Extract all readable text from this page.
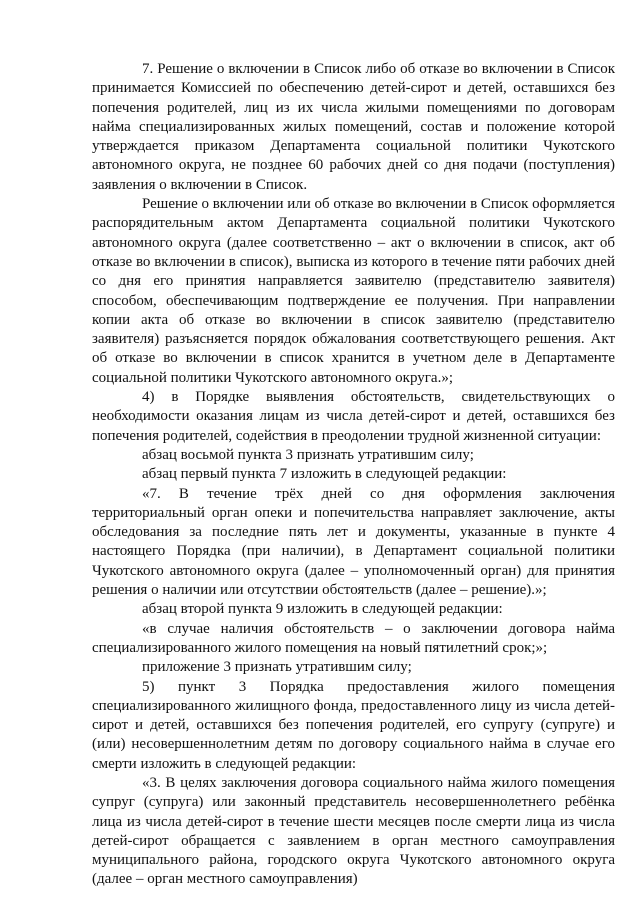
7. Решение о включении в Список либо об отказе во включении в Список принимается Комиссией по обеспечению детей-сирот и детей, оставшихся без попечения родителей, лиц из их числа жилыми помещениями по договорам найма специализированных жилых помещений, состав и положение которой утверждается приказом Департамента социальной политики Чукотского автономного округа, не позднее 60 рабочих дней со дня подачи (поступления) заявления о включении в Список.

Решение о включении или об отказе во включении в Список оформляется распорядительным актом Департамента социальной политики Чукотского автономного округа (далее соответственно – акт о включении в список, акт об отказе во включении в список), выписка из которого в течение пяти рабочих дней со дня его принятия направляется заявителю (представителю заявителя) способом, обеспечивающим подтверждение ее получения. При направлении копии акта об отказе во включении в список заявителю (представителю заявителя) разъясняется порядок обжалования соответствующего решения. Акт об отказе во включении в список хранится в учетном деле в Департаменте социальной политики Чукотского автономного округа.»;

4) в Порядке выявления обстоятельств, свидетельствующих о необходимости оказания лицам из числа детей-сирот и детей, оставшихся без попечения родителей, содействия в преодолении трудной жизненной ситуации:

абзац восьмой пункта 3 признать утратившим силу;

абзац первый пункта 7 изложить в следующей редакции:

«7. В течение трёх дней со дня оформления заключения территориальный орган опеки и попечительства направляет заключение, акты обследования за последние пять лет и документы, указанные в пункте 4 настоящего Порядка (при наличии), в Департамент социальной политики Чукотского автономного округа (далее – уполномоченный орган) для принятия решения о наличии или отсутствии обстоятельств (далее – решение).»;

абзац второй пункта 9 изложить в следующей редакции:

«в случае наличия обстоятельств – о заключении договора найма специализированного жилого помещения на новый пятилетний срок;»;

приложение 3 признать утратившим силу;

5) пункт 3 Порядка предоставления жилого помещения специализированного жилищного фонда, предоставленного лицу из числа детей-сирот и детей, оставшихся без попечения родителей, его супругу (супруге) и (или) несовершеннолетним детям по договору социального найма в случае его смерти изложить в следующей редакции:

«3. В целях заключения договора социального найма жилого помещения супруг (супруга) или законный представитель несовершеннолетнего ребёнка лица из числа детей-сирот в течение шести месяцев после смерти лица из числа детей-сирот обращается с заявлением в орган местного самоуправления муниципального района, городского округа Чукотского автономного округа (далее – орган местного самоуправления)
